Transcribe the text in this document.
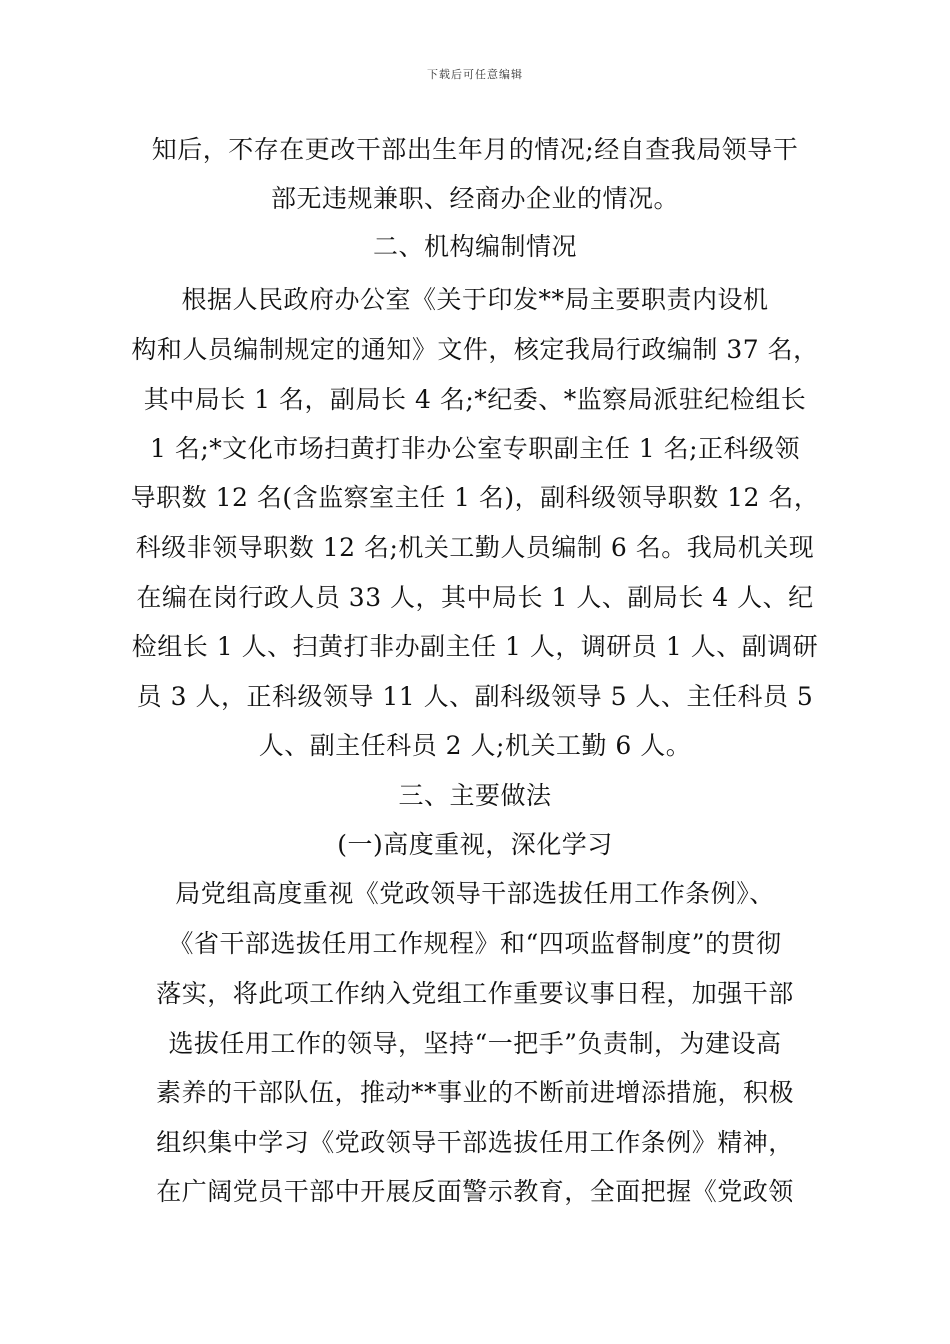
下载后可任意编辑
知后，不存在更改干部出生年月的情况;经自查我局领导干
部无违规兼职、经商办企业的情况。
二、机构编制情况
根据人民政府办公室《关于印发**局主要职责内设机
构和人员编制规定的通知》文件，核定我局行政编制 37 名，
其中局长 1 名，副局长 4 名;*纪委、*监察局派驻纪检组长
1 名;*文化市场扫黄打非办公室专职副主任 1 名;正科级领
导职数 12 名(含监察室主任 1 名)，副科级领导职数 12 名，
科级非领导职数 12 名;机关工勤人员编制 6 名。我局机关现
在编在岗行政人员 33 人，其中局长 1 人、副局长 4 人、纪
检组长 1 人、扫黄打非办副主任 1 人，调研员 1 人、副调研
员 3 人，正科级领导 11 人、副科级领导 5 人、主任科员 5
人、副主任科员 2 人;机关工勤 6 人。
三、主要做法
(一)高度重视，深化学习
局党组高度重视《党政领导干部选拔任用工作条例》、
《省干部选拔任用工作规程》和“四项监督制度”的贯彻
落实，将此项工作纳入党组工作重要议事日程，加强干部
选拔任用工作的领导，坚持“一把手”负责制，为建设高
素养的干部队伍，推动**事业的不断前进增添措施，积极
组织集中学习《党政领导干部选拔任用工作条例》精神，
在广阔党员干部中开展反面警示教育，全面把握《党政领
